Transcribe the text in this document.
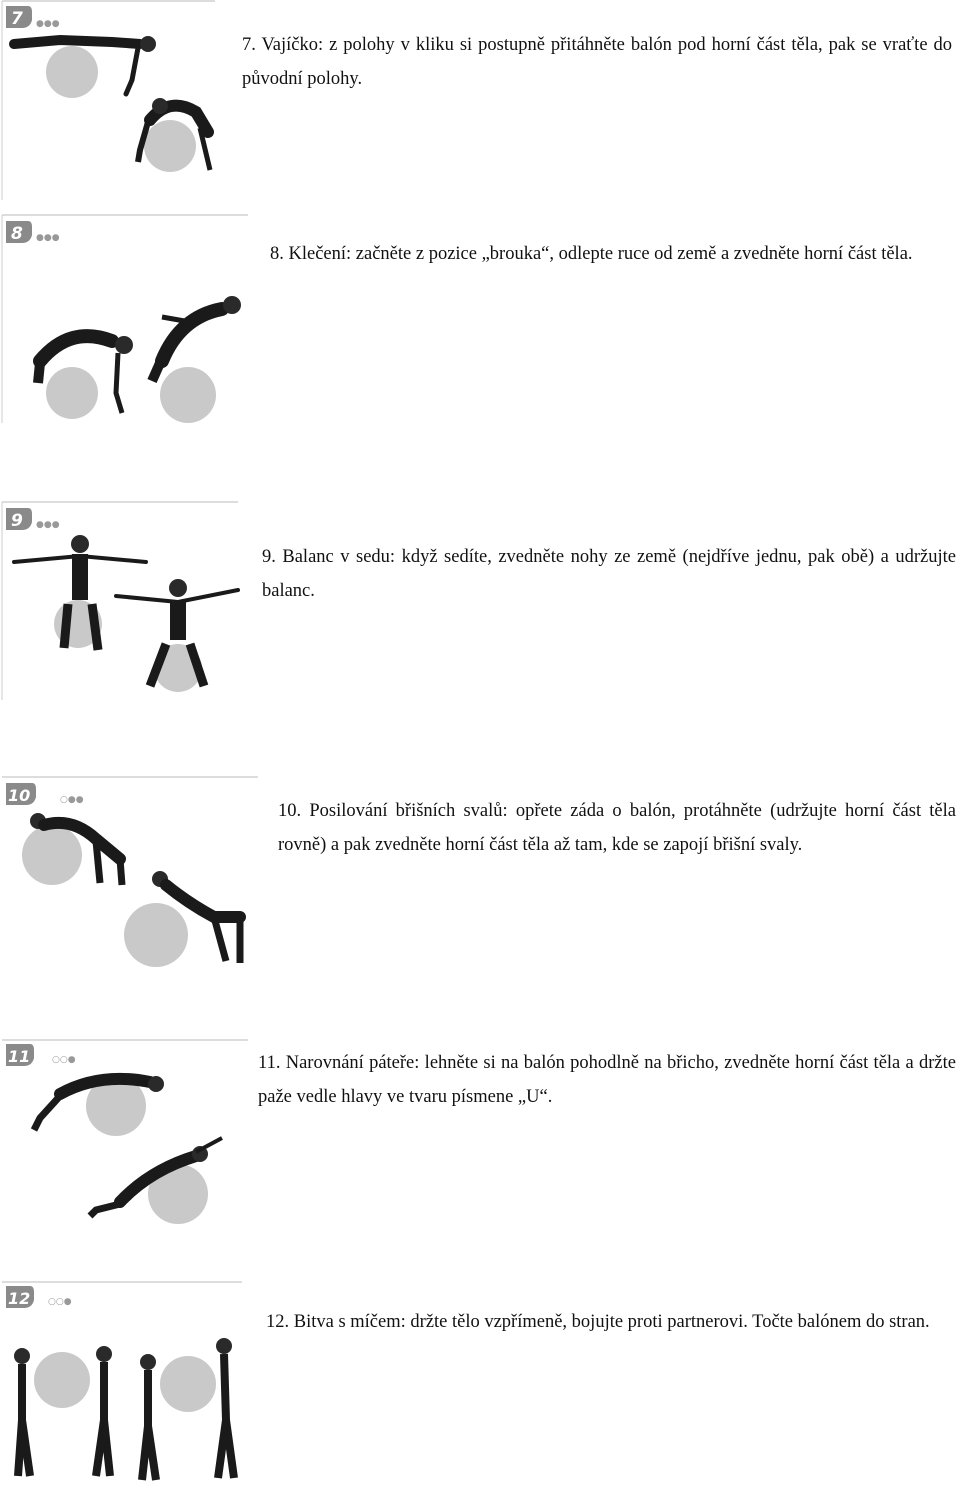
7 ●●●

7. Vajíčko: z polohy v kliku si postupně přitáhněte balón pod horní část těla, pak se vraťte do původní polohy.

8 ●●●

8. Klečení: začněte z pozice „brouka“, odlepte ruce od země a zvedněte horní část těla.

9 ●●●

9. Balanc v sedu: když sedíte, zvedněte nohy ze země (nejdříve jednu, pak obě) a udržujte balanc.

10	○●●

10. Posilování břišních svalů: opřete záda o balón, protáhněte (udržujte horní část těla rovně) a pak zvedněte horní část těla až tam, kde se zapojí břišní svaly.

11 ○○●	11. Narovnání páteře: lehněte si na balón pohodlně na břicho, zvedněte horní část těla a držte paže vedle hlavy ve tvaru písmene „U“.

12 ○○●

12. Bitva s míčem: držte tělo vzpřímeně, bojujte proti partnerovi. Točte balónem do stran.
